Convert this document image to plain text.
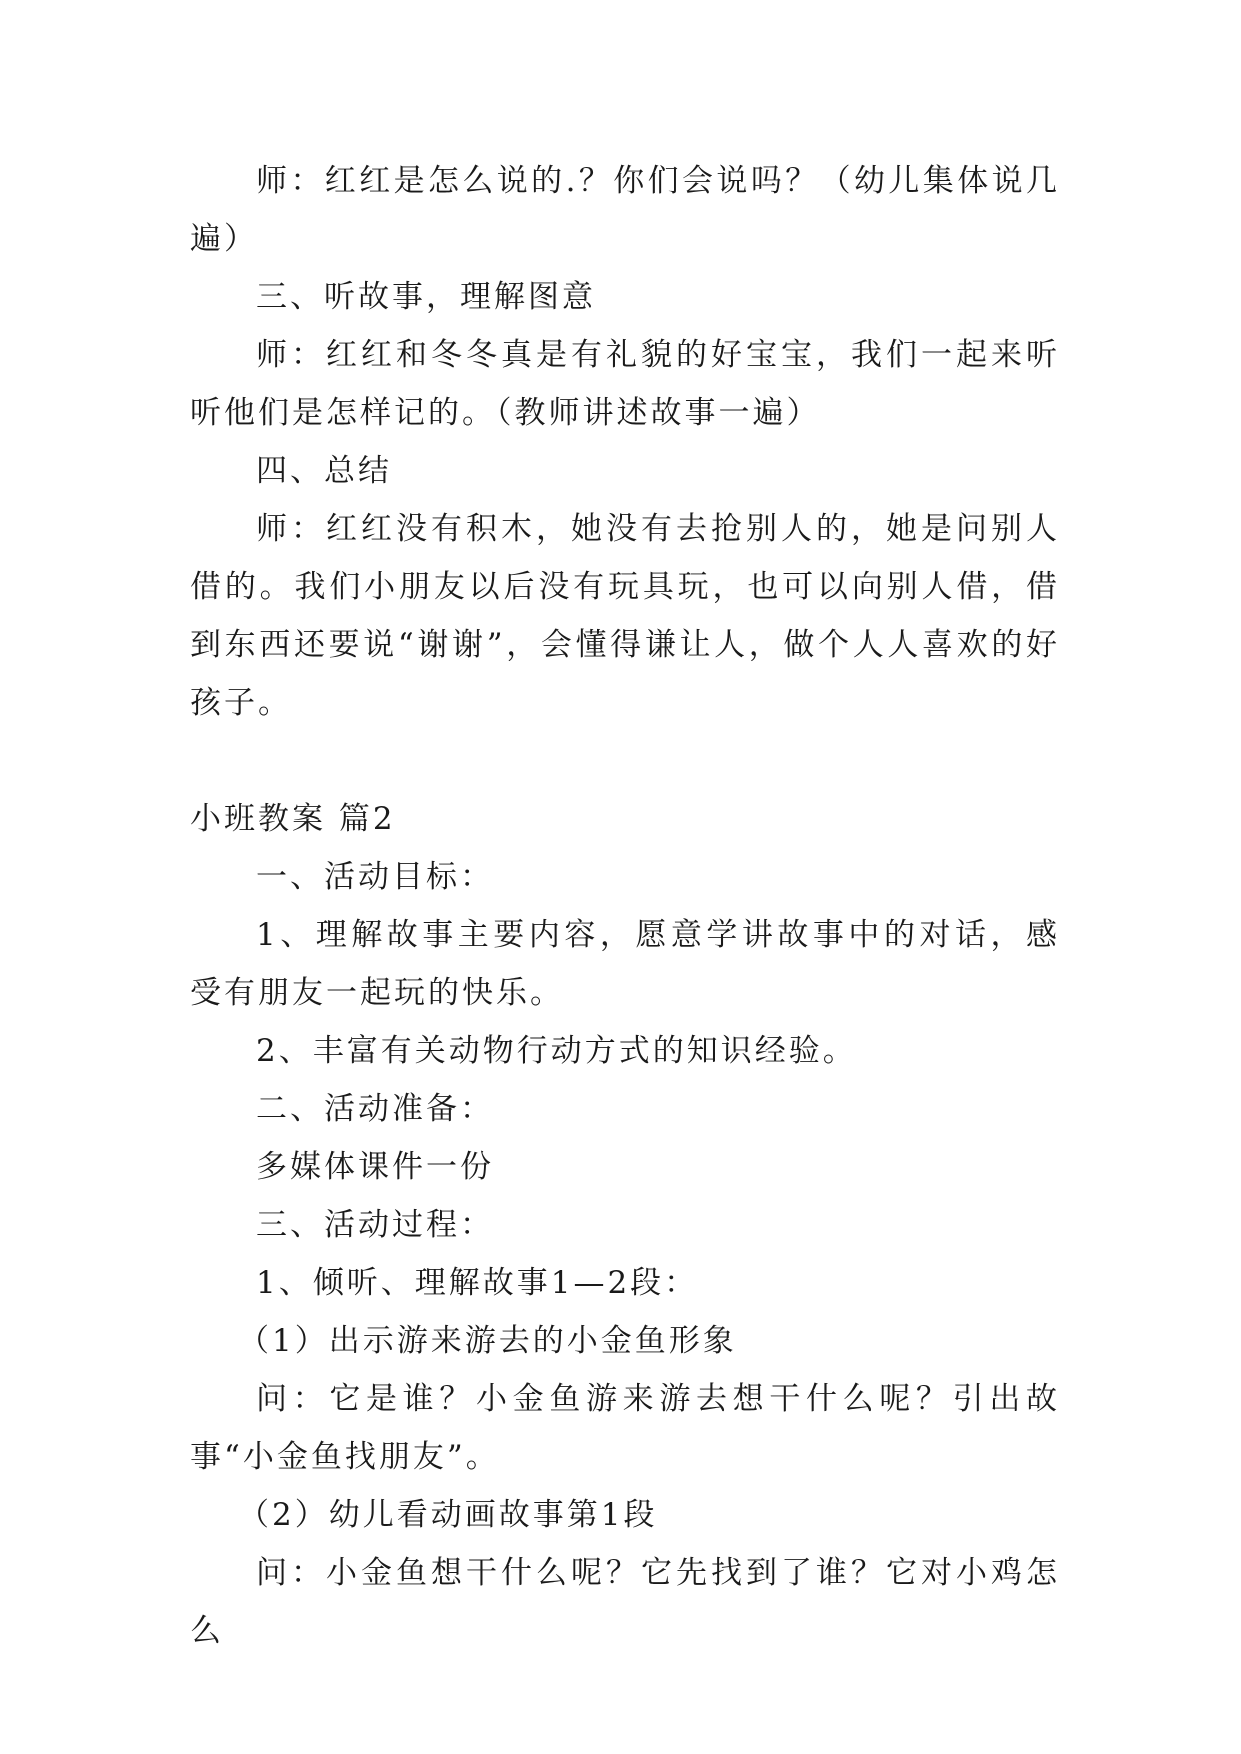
师：红红是怎么说的.？你们会说吗？（幼儿集体说几遍）

三、听故事，理解图意

师：红红和冬冬真是有礼貌的好宝宝，我们一起来听听他们是怎样记的。（教师讲述故事一遍）

四、总结

师：红红没有积木，她没有去抢别人的，她是问别人借的。我们小朋友以后没有玩具玩，也可以向别人借，借到东西还要说“谢谢”，会懂得谦让人，做个人人喜欢的好孩子。

小班教案 篇2

一、活动目标：

1、理解故事主要内容，愿意学讲故事中的对话，感受有朋友一起玩的快乐。

2、丰富有关动物行动方式的知识经验。

二、活动准备：

多媒体课件一份

三、活动过程：

1、倾听、理解故事1—2段：

（1）出示游来游去的小金鱼形象

问：它是谁？小金鱼游来游去想干什么呢？引出故事“小金鱼找朋友”。

（2）幼儿看动画故事第1段

问：小金鱼想干什么呢？它先找到了谁？它对小鸡怎么
